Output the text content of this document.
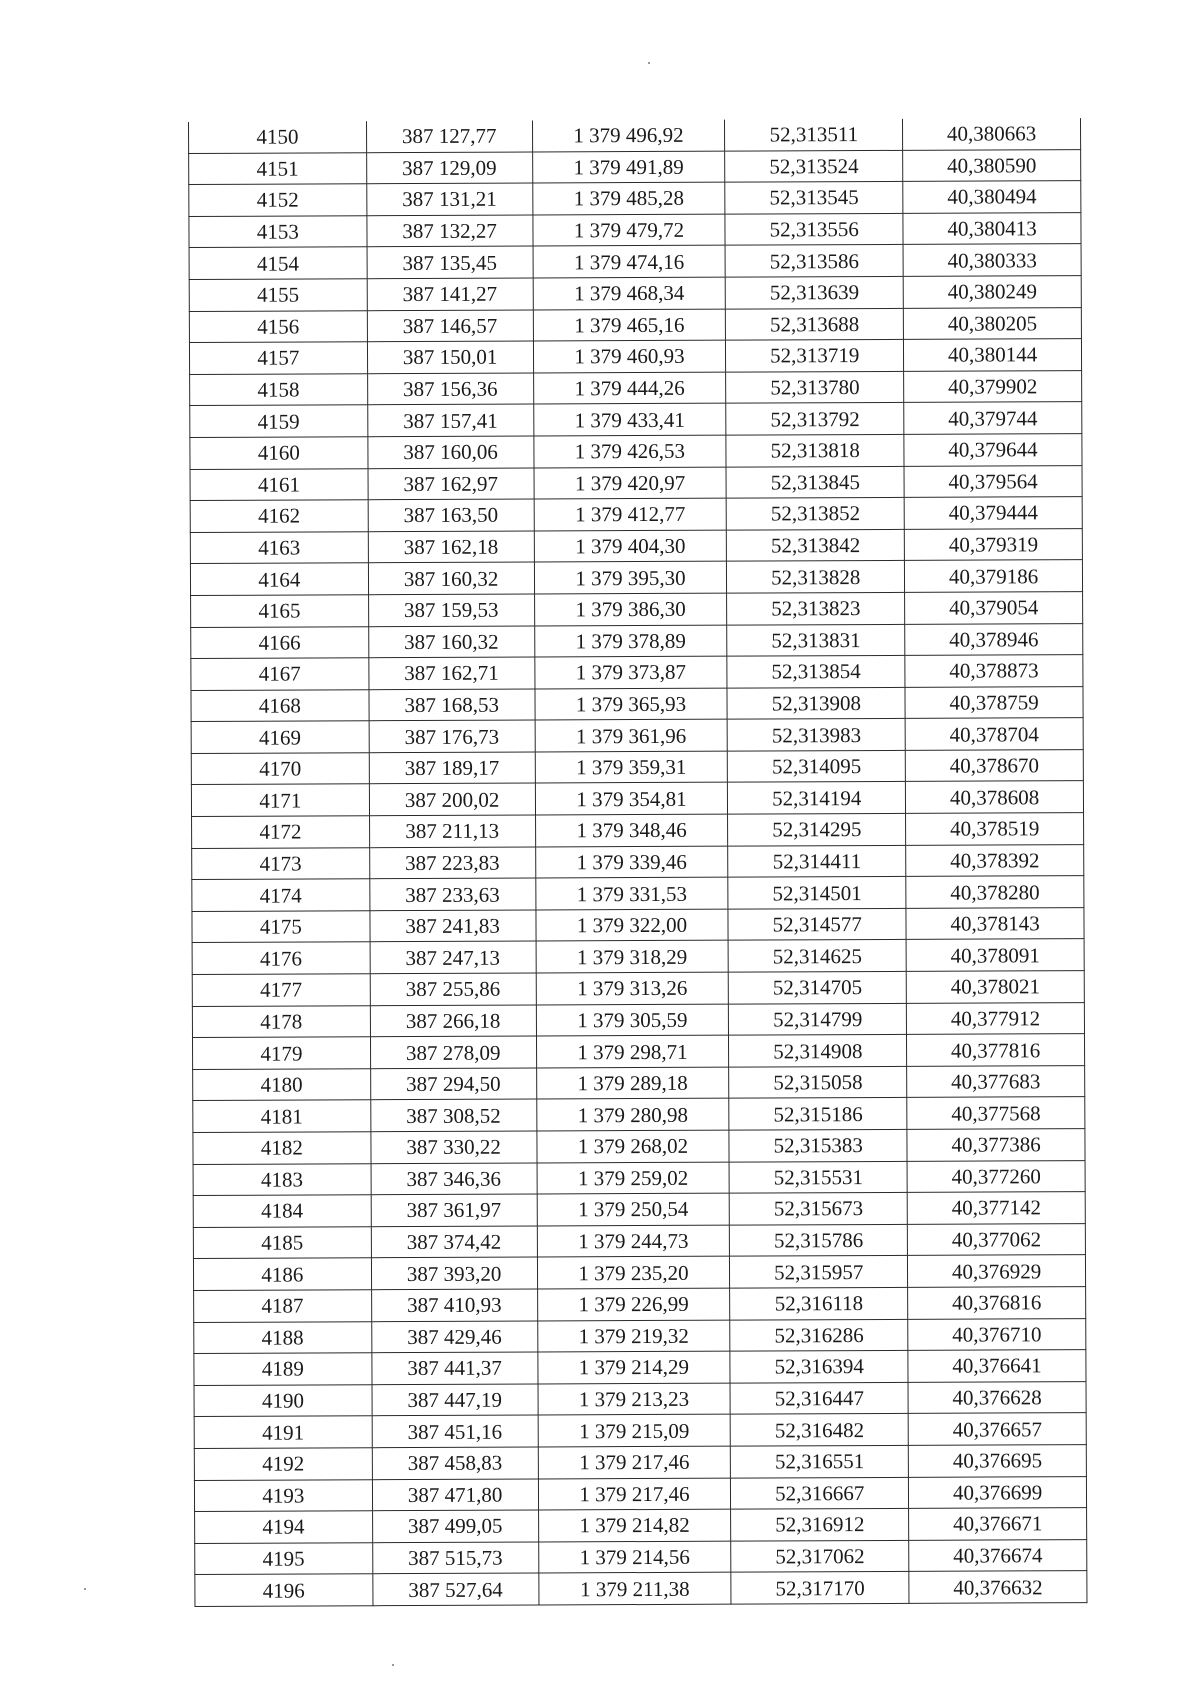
4150	387 127,77	1 379 496,92	52,313511	40,380663
4151	387 129,09	1 379 491,89	52,313524	40,380590
4152	387 131,21	1 379 485,28	52,313545	40,380494
4153	387 132,27	1 379 479,72	52,313556	40,380413
4154	387 135,45	1 379 474,16	52,313586	40,380333
4155	387 141,27	1 379 468,34	52,313639	40,380249
4156	387 146,57	1 379 465,16	52,313688	40,380205
4157	387 150,01	1 379 460,93	52,313719	40,380144
4158	387 156,36	1 379 444,26	52,313780	40,379902
4159	387 157,41	1 379 433,41	52,313792	40,379744
4160	387 160,06	1 379 426,53	52,313818	40,379644
4161	387 162,97	1 379 420,97	52,313845	40,379564
4162	387 163,50	1 379 412,77	52,313852	40,379444
4163	387 162,18	1 379 404,30	52,313842	40,379319
4164	387 160,32	1 379 395,30	52,313828	40,379186
4165	387 159,53	1 379 386,30	52,313823	40,379054
4166	387 160,32	1 379 378,89	52,313831	40,378946
4167	387 162,71	1 379 373,87	52,313854	40,378873
4168	387 168,53	1 379 365,93	52,313908	40,378759
4169	387 176,73	1 379 361,96	52,313983	40,378704
4170	387 189,17	1 379 359,31	52,314095	40,378670
4171	387 200,02	1 379 354,81	52,314194	40,378608
4172	387 211,13	1 379 348,46	52,314295	40,378519
4173	387 223,83	1 379 339,46	52,314411	40,378392
4174	387 233,63	1 379 331,53	52,314501	40,378280
4175	387 241,83	1 379 322,00	52,314577	40,378143
4176	387 247,13	1 379 318,29	52,314625	40,378091
4177	387 255,86	1 379 313,26	52,314705	40,378021
4178	387 266,18	1 379 305,59	52,314799	40,377912
4179	387 278,09	1 379 298,71	52,314908	40,377816
4180	387 294,50	1 379 289,18	52,315058	40,377683
4181	387 308,52	1 379 280,98	52,315186	40,377568
4182	387 330,22	1 379 268,02	52,315383	40,377386
4183	387 346,36	1 379 259,02	52,315531	40,377260
4184	387 361,97	1 379 250,54	52,315673	40,377142
4185	387 374,42	1 379 244,73	52,315786	40,377062
4186	387 393,20	1 379 235,20	52,315957	40,376929
4187	387 410,93	1 379 226,99	52,316118	40,376816
4188	387 429,46	1 379 219,32	52,316286	40,376710
4189	387 441,37	1 379 214,29	52,316394	40,376641
4190	387 447,19	1 379 213,23	52,316447	40,376628
4191	387 451,16	1 379 215,09	52,316482	40,376657
4192	387 458,83	1 379 217,46	52,316551	40,376695
4193	387 471,80	1 379 217,46	52,316667	40,376699
4194	387 499,05	1 379 214,82	52,316912	40,376671
4195	387 515,73	1 379 214,56	52,317062	40,376674
4196	387 527,64	1 379 211,38	52,317170	40,376632
